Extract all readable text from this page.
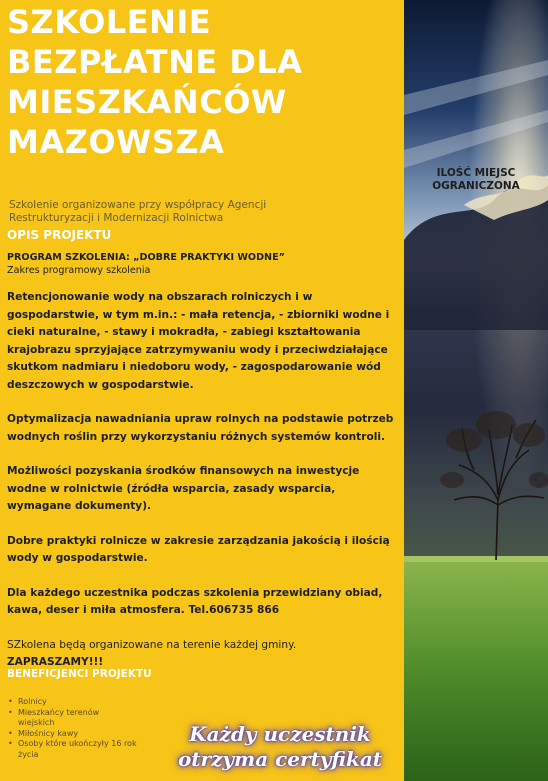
SZKOLENIE
BEZPŁATNE DLA
MIESZKAŃCÓW
MAZOWSZA
ILOŚĆ MIEJSC OGRANICZONA
Szkolenie organizowane przy współpracy Agencji Restrukturyzacji i Modernizacji Rolnictwa
OPIS PROJEKTU
PROGRAM SZKOLENIA: „DOBRE PRAKTYKI WODNE”
Zakres programowy szkolenia

Retencjonowanie wody na obszarach rolniczych i w gospodarstwie, w tym m.in.: - mała retencja, - zbiorniki wodne i cieki naturalne, - stawy i mokradła, - zabiegi kształtowania krajobrazu sprzyjające zatrzymywaniu wody i przeciwdziałające skutkom nadmiaru i niedoboru wody, - zagospodarowanie wód deszczowych w gospodarstwie.

Optymalizacja nawadniania upraw rolnych na podstawie potrzeb wodnych roślin przy wykorzystaniu różnych systemów kontroli.

Możliwości pozyskania środków finansowych na inwestycje wodne w rolnictwie (źródła wsparcia, zasady wsparcia, wymagane dokumenty).

Dobre praktyki rolnicze w zakresie zarządzania jakością i ilością wody w gospodarstwie.

Dla każdego uczestnika podczas szkolenia przewidziany obiad, kawa, deser i miła atmosfera. Tel.606735 866

SZkolena będą organizowane na terenie każdej gminy.
ZAPRASZAMY!!!

BENEFICJENCI PROJEKTU
• Rolnicy
• Mieszkańcy terenów wiejskich
• Miłośnicy kawy
• Osoby które ukończyły 16 rok życia
Każdy uczestnik
otrzyma certyfikat
